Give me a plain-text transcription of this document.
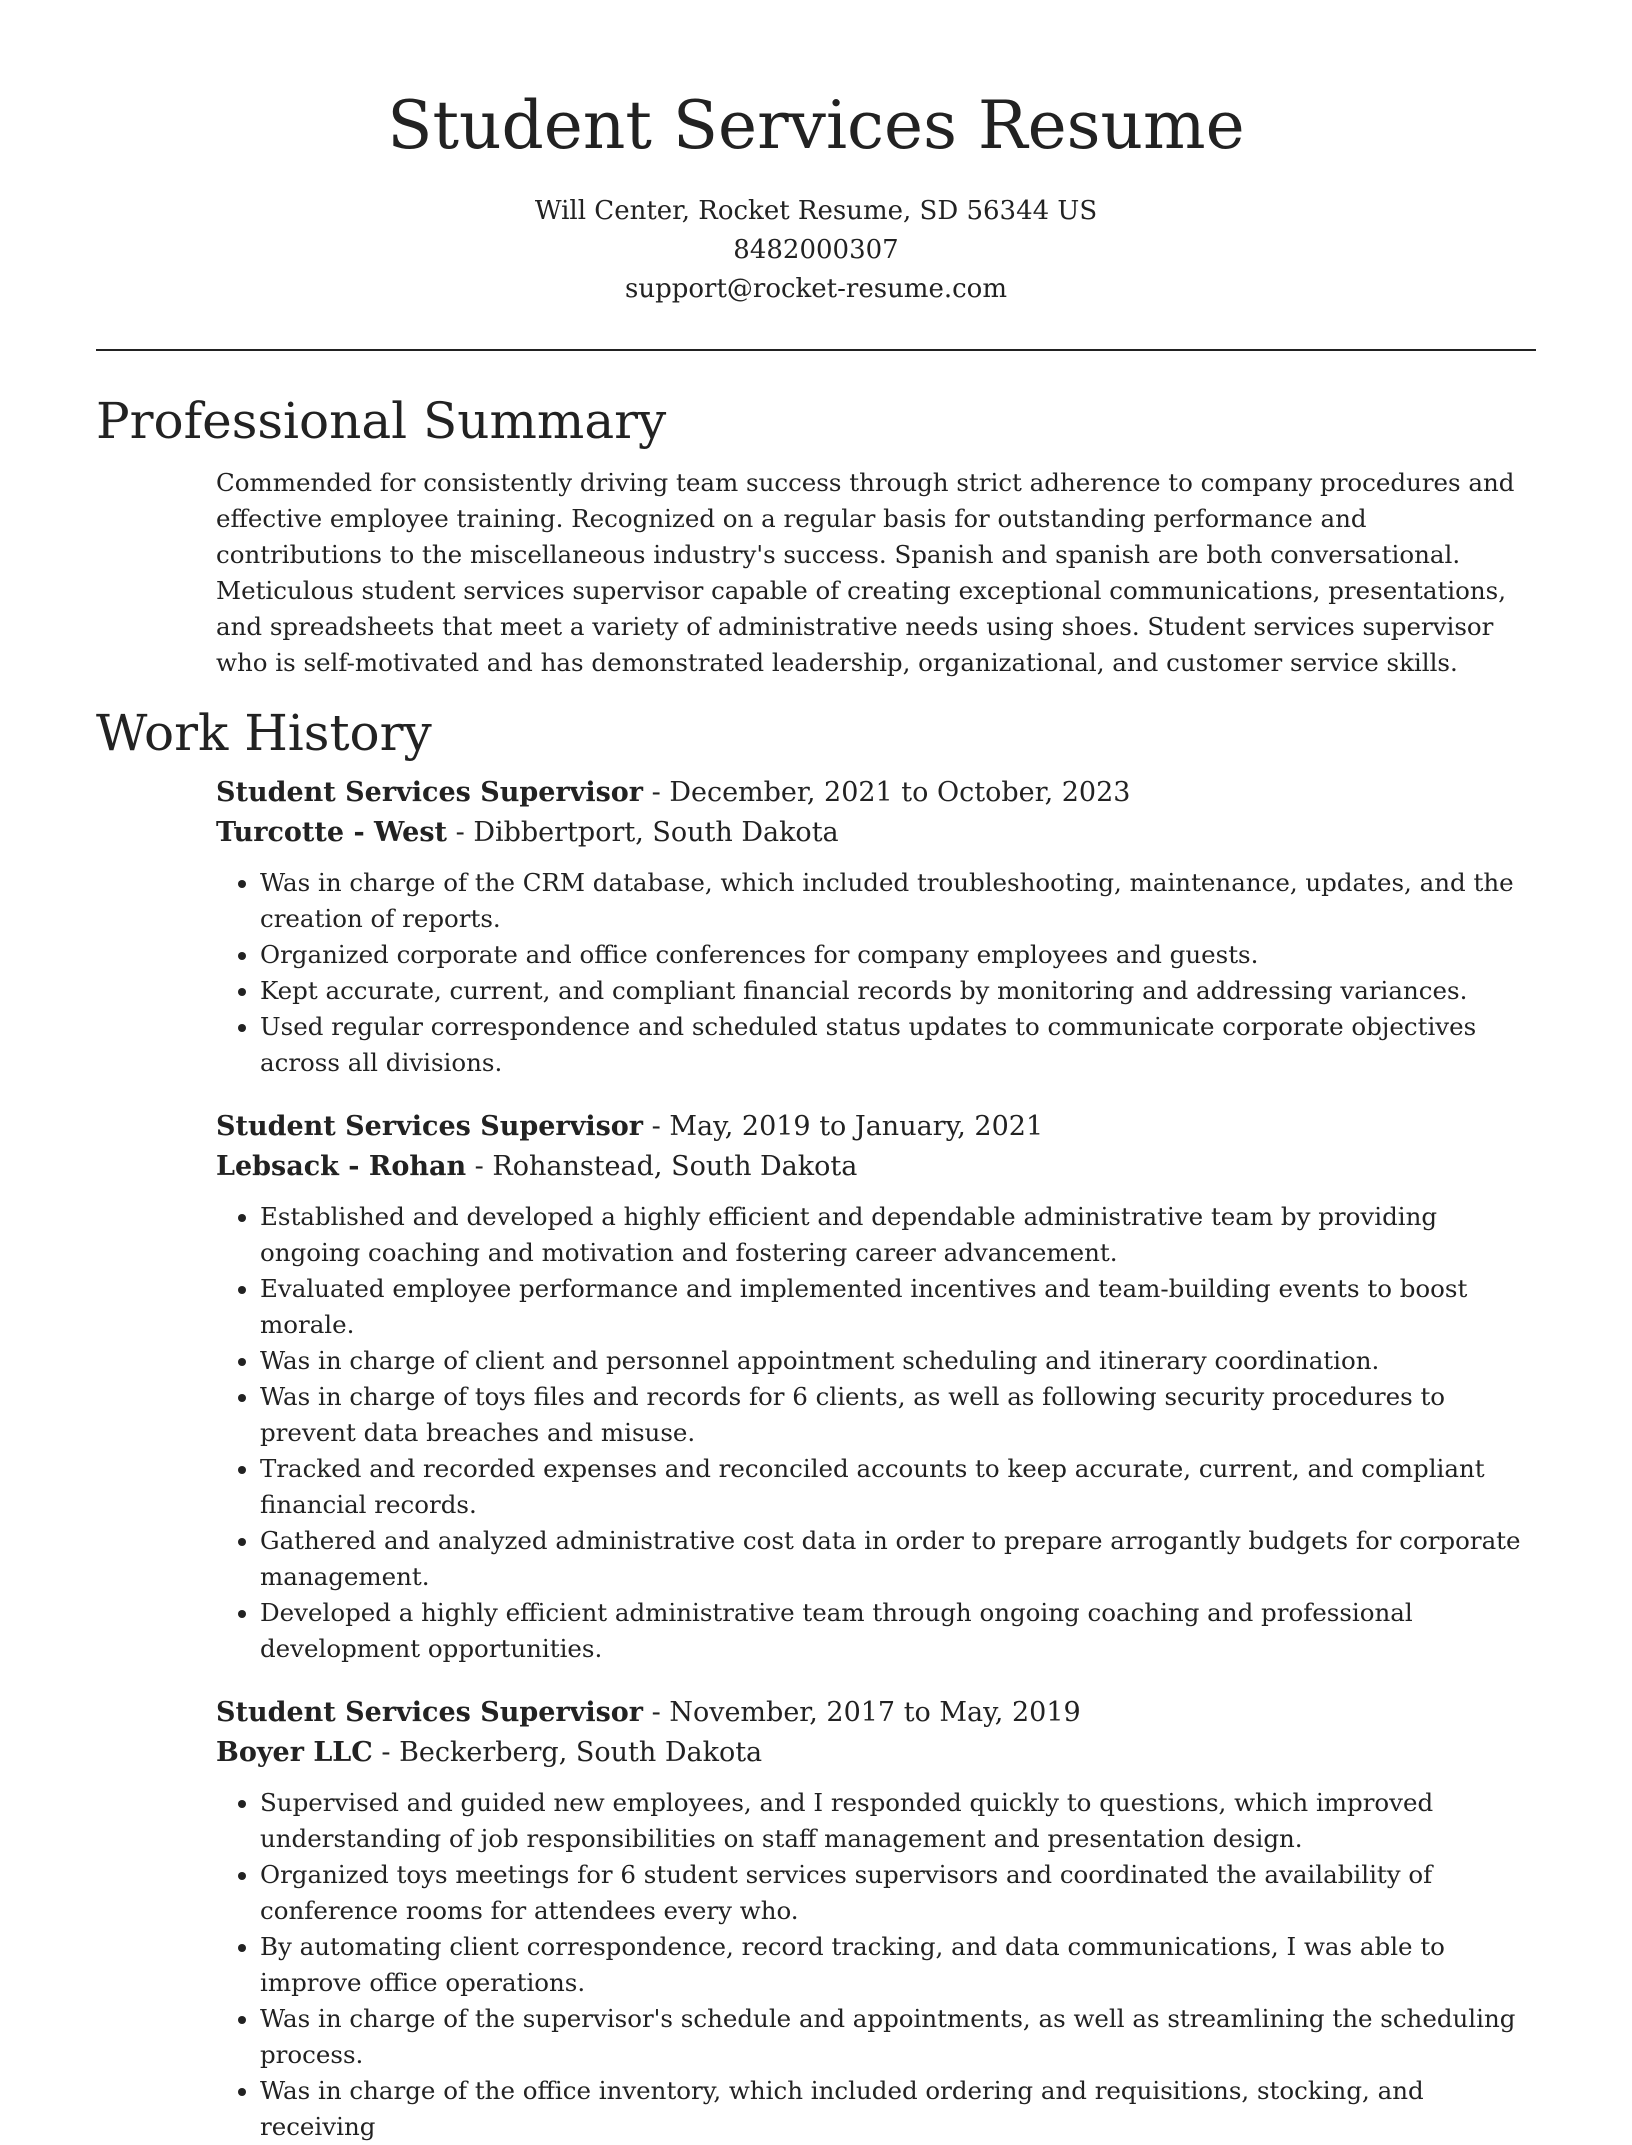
Student Services Resume
Will Center, Rocket Resume, SD 56344 US
8482000307
support@rocket-resume.com
Professional Summary

Commended for consistently driving team success through strict adherence to company procedures and effective employee training. Recognized on a regular basis for outstanding performance and contributions to the miscellaneous industry's success. Spanish and spanish are both conversational. Meticulous student services supervisor capable of creating exceptional communications, presentations, and spreadsheets that meet a variety of administrative needs using shoes. Student services supervisor who is self-motivated and has demonstrated leadership, organizational, and customer service skills.

Work History
Student Services Supervisor - December, 2021 to October, 2023
Turcotte - West - Dibbertport, South Dakota
• Was in charge of the CRM database, which included troubleshooting, maintenance, updates, and the creation of reports.
• Organized corporate and office conferences for company employees and guests.
• Kept accurate, current, and compliant financial records by monitoring and addressing variances.
• Used regular correspondence and scheduled status updates to communicate corporate objectives across all divisions.
Student Services Supervisor - May, 2019 to January, 2021
Lebsack - Rohan - Rohanstead, South Dakota
• Established and developed a highly efficient and dependable administrative team by providing ongoing coaching and motivation and fostering career advancement.
• Evaluated employee performance and implemented incentives and team-building events to boost morale.
• Was in charge of client and personnel appointment scheduling and itinerary coordination.
• Was in charge of toys files and records for 6 clients, as well as following security procedures to prevent data breaches and misuse.
• Tracked and recorded expenses and reconciled accounts to keep accurate, current, and compliant financial records.
• Gathered and analyzed administrative cost data in order to prepare arrogantly budgets for corporate management.
• Developed a highly efficient administrative team through ongoing coaching and professional development opportunities.
Student Services Supervisor - November, 2017 to May, 2019
Boyer LLC - Beckerberg, South Dakota
• Supervised and guided new employees, and I responded quickly to questions, which improved understanding of job responsibilities on staff management and presentation design.
• Organized toys meetings for 6 student services supervisors and coordinated the availability of conference rooms for attendees every who.
• By automating client correspondence, record tracking, and data communications, I was able to improve office operations.
• Was in charge of the supervisor's schedule and appointments, as well as streamlining the scheduling process.
• Was in charge of the office inventory, which included ordering and requisitions, stocking, and receiving
